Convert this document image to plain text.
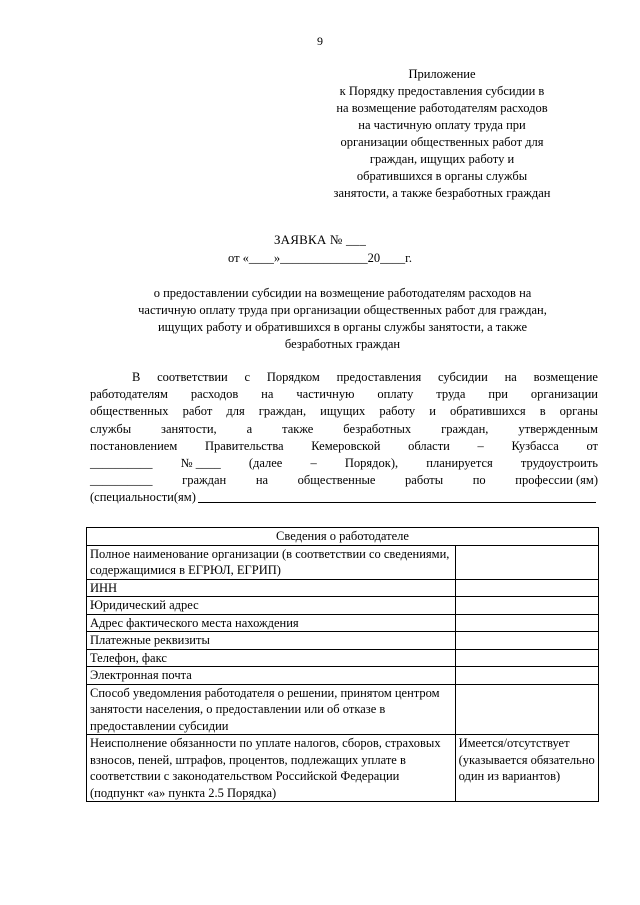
9
Приложение
к Порядку предоставления субсидии в
на возмещение работодателям расходов
на частичную оплату труда при
организации общественных работ для
граждан, ищущих работу и
обратившихся в органы службы
занятости, а также безработных граждан
ЗАЯВКА № ___
от «____»______________20____г.
о предоставлении субсидии на возмещение работодателям расходов на
частичную оплату труда при организации общественных работ для граждан,
ищущих работу и обратившихся в органы службы занятости, а также
безработных граждан
В соответствии с Порядком предоставления субсидии на возмещение
работодателям расходов на частичную оплату труда при организации
общественных работ для граждан, ищущих работу и обратившихся в органы
службы занятости, а также безработных граждан, утвержденным
постановлением Правительства Кемеровской области – Кузбасса от
__________ № ____ (далее – Порядок), планируется трудоустроить
__________ граждан на общественные работы по профессии (ям)
(специальности(ям)
Сведения о работодателе	
Полное наименование организации (в соответствии со сведениями, содержащимися в ЕГРЮЛ, ЕГРИП)	
ИНН	
Юридический адрес	
Адрес фактического места нахождения	
Платежные реквизиты	
Телефон, факс	
Электронная почта	
Способ уведомления работодателя о решении, принятом центром занятости населения, о предоставлении или об отказе в предоставлении субсидии	
Неисполнение обязанности по уплате налогов, сборов, страховых взносов, пеней, штрафов, процентов, подлежащих уплате в соответствии с законодательством Российской Федерации (подпункт «а» пункта 2.5 Порядка)	Имеется/отсутствует (указывается обязательно один из вариантов)
